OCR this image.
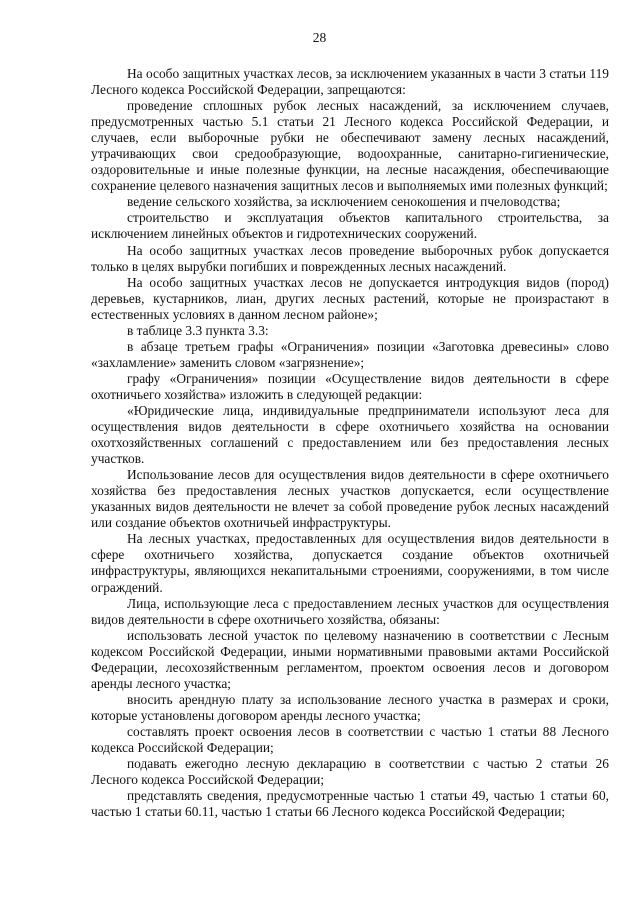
28

На особо защитных участках лесов, за исключением указанных в части 3 статьи 119 Лесного кодекса Российской Федерации, запрещаются:

проведение сплошных рубок лесных насаждений, за исключением случаев, предусмотренных частью 5.1 статьи 21 Лесного кодекса Российской Федерации, и случаев, если выборочные рубки не обеспечивают замену лесных насаждений, утрачивающих свои средообразующие, водоохранные, санитарно-гигиенические, оздоровительные и иные полезные функции, на лесные насаждения, обеспечивающие сохранение целевого назначения защитных лесов и выполняемых ими полезных функций;

ведение сельского хозяйства, за исключением сенокошения и пчеловодства;

строительство и эксплуатация объектов капитального строительства, за исключением линейных объектов и гидротехнических сооружений.

На особо защитных участках лесов проведение выборочных рубок допускается только в целях вырубки погибших и поврежденных лесных насаждений.

На особо защитных участках лесов не допускается интродукция видов (пород) деревьев, кустарников, лиан, других лесных растений, которые не произрастают в естественных условиях в данном лесном районе»;

в таблице 3.3 пункта 3.3:

в абзаце третьем графы «Ограничения» позиции «Заготовка древесины» слово «захламление» заменить словом «загрязнение»;

графу «Ограничения» позиции «Осуществление видов деятельности в сфере охотничьего хозяйства» изложить в следующей редакции:

«Юридические лица, индивидуальные предприниматели используют леса для осуществления видов деятельности в сфере охотничьего хозяйства на основании охотхозяйственных соглашений с предоставлением или без предоставления лесных участков.

Использование лесов для осуществления видов деятельности в сфере охотничьего хозяйства без предоставления лесных участков допускается, если осуществление указанных видов деятельности не влечет за собой проведение рубок лесных насаждений или создание объектов охотничьей инфраструктуры.

На лесных участках, предоставленных для осуществления видов деятельности в сфере охотничьего хозяйства, допускается создание объектов охотничьей инфраструктуры, являющихся некапитальными строениями, сооружениями, в том числе ограждений.

Лица, использующие леса с предоставлением лесных участков для осуществления видов деятельности в сфере охотничьего хозяйства, обязаны:

использовать лесной участок по целевому назначению в соответствии с Лесным кодексом Российской Федерации, иными нормативными правовыми актами Российской Федерации, лесохозяйственным регламентом, проектом освоения лесов и договором аренды лесного участка;

вносить арендную плату за использование лесного участка в размерах и сроки, которые установлены договором аренды лесного участка;

составлять проект освоения лесов в соответствии с частью 1 статьи 88 Лесного кодекса Российской Федерации;

подавать ежегодно лесную декларацию в соответствии с частью 2 статьи 26 Лесного кодекса Российской Федерации;

представлять сведения, предусмотренные частью 1 статьи 49, частью 1 статьи 60, частью 1 статьи 60.11, частью 1 статьи 66 Лесного кодекса Российской Федерации;
